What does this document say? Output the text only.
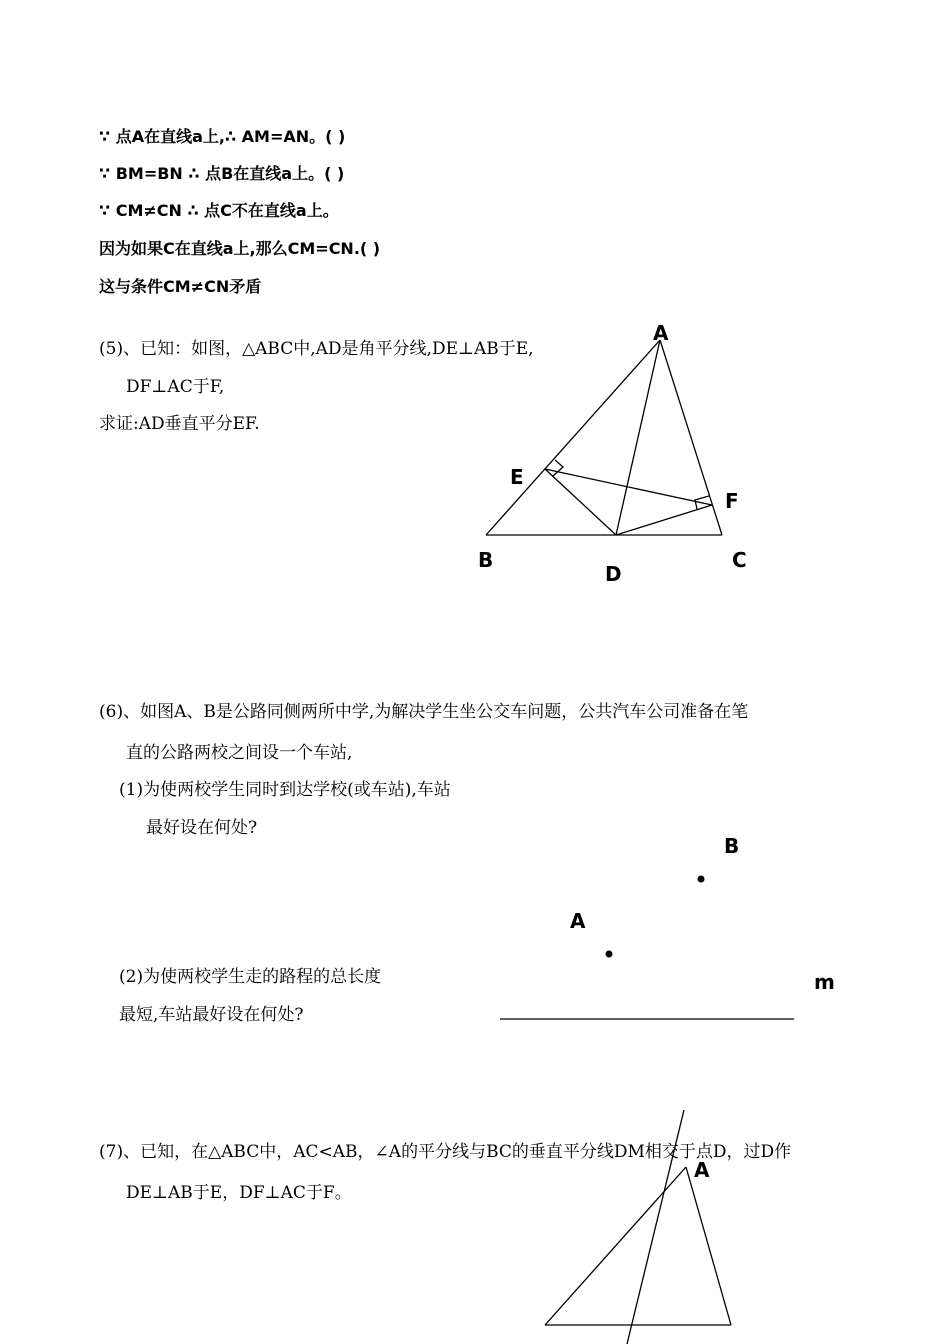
∵ 点A在直线a上,∴ AM=AN。( )
∵ BM=BN ∴ 点B在直线a上。( )
∵ CM≠CN ∴ 点C不在直线a上。
因为如果C在直线a上,那么CM=CN.( )
这与条件CM≠CN矛盾
(5)、已知：如图，△ABC中,AD是角平分线,DE⊥AB于E,
DF⊥AC于F,
求证:AD垂直平分EF.
A
E
F
B
D
C
(6)、如图A、B是公路同侧两所中学,为解决学生坐公交车问题，公共汽车公司准备在笔
直的公路两校之间设一个车站,
(1)为使两校学生同时到达学校(或车站),车站
最好设在何处?
(2)为使两校学生走的路程的总长度
最短,车站最好设在何处?
B
A
m
(7)、已知，在△ABC中，AC<AB，∠A的平分线与BC的垂直平分线DM相交于点D，过D作
DE⊥AB于E，DF⊥AC于F。
A
